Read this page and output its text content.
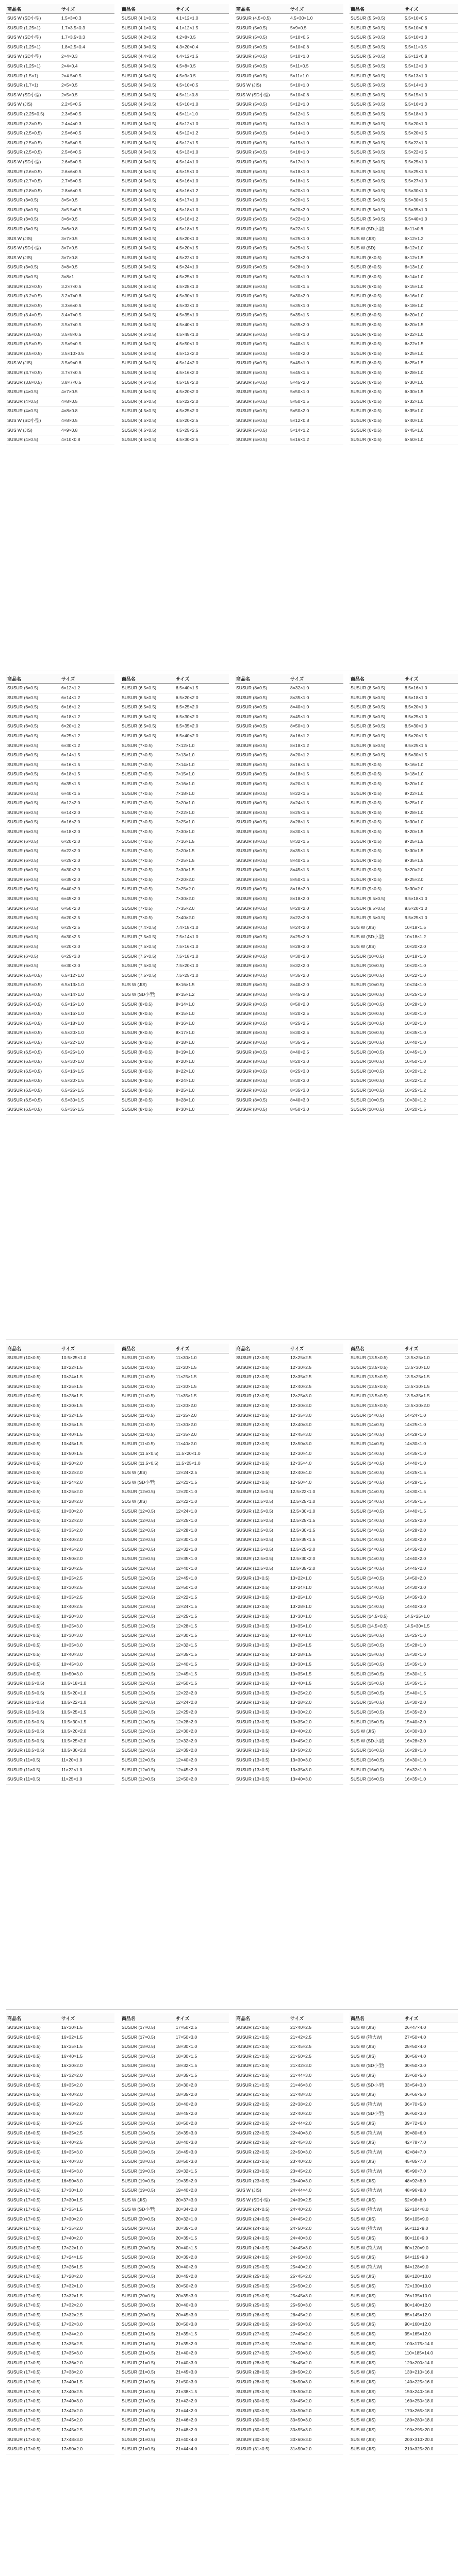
商品名	サイズ
SUS W (SD小型)	1.5×3×0.3
SUSUR (1.25×1)	1.7×3.5×0.3
SUS W (SD小型)	1.7×3.5×0.3
SUSUR (1.25×1)	1.8×2.5×0.4
SUS W (SD小型)	2×4×0.3
SUSUR (1.25×1)	2×4×0.4
SUSUR (1.5×1)	2×4.5×0.5
SUSUR (1.7×1)	2×5×0.5
SUS W (SD小型)	2×5×0.5
SUS W (JIS)	2.2×5×0.5
SUSUR (2.25×0.5)	2.3×5×0.5
SUSUR (2.3×0.5)	2.4×4×0.3
SUSUR (2.5×0.5)	2.5×6×0.5
SUSUR (2.5×0.5)	2.5×5×0.5
SUSUR (2.5×0.5)	2.5×6×0.5
SUS W (SD小型)	2.6×5×0.5
SUSUR (2.6×0.5)	2.6×6×0.5
SUSUR (2.7×0.5)	2.7×5×0.5
SUSUR (2.8×0.5)	2.8×6×0.5
SUSUR (3×0.5)	3×5×0.5
SUSUR (3×0.5)	3×5.5×0.5
SUSUR (3×0.5)	3×6×0.5
SUSUR (3×0.5)	3×6×0.8
SUS W (JIS)	3×7×0.5
SUS W (SD小型)	3×7×0.5
SUS W (JIS)	3×7×0.8
SUSUR (3×0.5)	3×8×0.5
SUSUR (3×0.5)	3×8×1
SUSUR (3.2×0.5)	3.2×7×0.5
SUSUR (3.2×0.5)	3.2×7×0.8
SUSUR (3.3×0.5)	3.3×6×0.5
SUSUR (3.4×0.5)	3.4×7×0.5
SUSUR (3.5×0.5)	3.5×7×0.5
SUSUR (3.5×0.5)	3.5×8×0.5
SUSUR (3.5×0.5)	3.5×9×0.5
SUSUR (3.5×0.5)	3.5×10×0.5
SUS W (JIS)	3.5×9×0.8
SUSUR (3.7×0.5)	3.7×7×0.5
SUSUR (3.8×0.5)	3.8×7×0.5
SUSUR (4×0.5)	4×7×0.5
SUSUR (4×0.5)	4×8×0.5
SUSUR (4×0.5)	4×8×0.8
SUS W (SD小型)	4×8×0.5
SUS W (JIS)	4×9×0.8
SUSUR (4×0.5)	4×10×0.8
商品名	サイズ
SUSUR (4.1×0.5)	4.1×12×1.0
SUSUR (4.1×0.5)	4.1×12×1.5
SUSUR (4.2×0.5)	4.2×8×0.5
SUSUR (4.3×0.5)	4.3×20×0.4
SUSUR (4.4×0.5)	4.4×12×1.5
SUSUR (4.5×0.5)	4.5×8×0.5
SUSUR (4.5×0.5)	4.5×9×0.5
SUSUR (4.5×0.5)	4.5×10×0.5
SUSUR (4.5×0.5)	4.5×11×0.8
SUSUR (4.5×0.5)	4.5×10×1.0
SUSUR (4.5×0.5)	4.5×11×1.0
SUSUR (4.5×0.5)	4.5×12×1.0
SUSUR (4.5×0.5)	4.5×12×1.2
SUSUR (4.5×0.5)	4.5×12×1.5
SUSUR (4.5×0.5)	4.5×13×1.0
SUSUR (4.5×0.5)	4.5×14×1.0
SUSUR (4.5×0.5)	4.5×15×1.0
SUSUR (4.5×0.5)	4.5×16×1.0
SUSUR (4.5×0.5)	4.5×16×1.2
SUSUR (4.5×0.5)	4.5×17×1.0
SUSUR (4.5×0.5)	4.5×18×1.0
SUSUR (4.5×0.5)	4.5×18×1.2
SUSUR (4.5×0.5)	4.5×18×1.5
SUSUR (4.5×0.5)	4.5×20×1.0
SUSUR (4.5×0.5)	4.5×20×1.5
SUSUR (4.5×0.5)	4.5×22×1.0
SUSUR (4.5×0.5)	4.5×24×1.0
SUSUR (4.5×0.5)	4.5×25×1.0
SUSUR (4.5×0.5)	4.5×28×1.0
SUSUR (4.5×0.5)	4.5×30×1.0
SUSUR (4.5×0.5)	4.5×32×1.0
SUSUR (4.5×0.5)	4.5×35×1.0
SUSUR (4.5×0.5)	4.5×40×1.0
SUSUR (4.5×0.5)	4.5×45×1.0
SUSUR (4.5×0.5)	4.5×50×1.0
SUSUR (4.5×0.5)	4.5×12×2.0
SUSUR (4.5×0.5)	4.5×14×2.0
SUSUR (4.5×0.5)	4.5×16×2.0
SUSUR (4.5×0.5)	4.5×18×2.0
SUSUR (4.5×0.5)	4.5×20×2.0
SUSUR (4.5×0.5)	4.5×22×2.0
SUSUR (4.5×0.5)	4.5×25×2.0
SUSUR (4.5×0.5)	4.5×20×2.5
SUSUR (4.5×0.5)	4.5×25×2.5
SUSUR (4.5×0.5)	4.5×30×2.5
商品名	サイズ
SUSUR (4.5×0.5)	4.5×30×1.0
SUSUR (5×0.5)	5×9×0.5
SUSUR (5×0.5)	5×10×0.5
SUSUR (5×0.5)	5×10×0.8
SUSUR (5×0.5)	5×10×1.0
SUSUR (5×0.5)	5×11×0.5
SUSUR (5×0.5)	5×11×1.0
SUS W (JIS)	5×10×1.0
SUS W (SD小型)	5×10×0.8
SUSUR (5×0.5)	5×12×1.0
SUSUR (5×0.5)	5×12×1.5
SUSUR (5×0.5)	5×13×1.0
SUSUR (5×0.5)	5×14×1.0
SUSUR (5×0.5)	5×15×1.0
SUSUR (5×0.5)	5×16×1.0
SUSUR (5×0.5)	5×17×1.0
SUSUR (5×0.5)	5×18×1.0
SUSUR (5×0.5)	5×18×1.5
SUSUR (5×0.5)	5×20×1.0
SUSUR (5×0.5)	5×20×1.5
SUSUR (5×0.5)	5×20×2.0
SUSUR (5×0.5)	5×22×1.0
SUSUR (5×0.5)	5×22×1.5
SUSUR (5×0.5)	5×25×1.0
SUSUR (5×0.5)	5×25×1.5
SUSUR (5×0.5)	5×25×2.0
SUSUR (5×0.5)	5×28×1.0
SUSUR (5×0.5)	5×30×1.0
SUSUR (5×0.5)	5×30×1.5
SUSUR (5×0.5)	5×30×2.0
SUSUR (5×0.5)	5×35×1.0
SUSUR (5×0.5)	5×35×1.5
SUSUR (5×0.5)	5×35×2.0
SUSUR (5×0.5)	5×40×1.0
SUSUR (5×0.5)	5×40×1.5
SUSUR (5×0.5)	5×40×2.0
SUSUR (5×0.5)	5×45×1.0
SUSUR (5×0.5)	5×45×1.5
SUSUR (5×0.5)	5×45×2.0
SUSUR (5×0.5)	5×50×1.0
SUSUR (5×0.5)	5×50×1.5
SUSUR (5×0.5)	5×50×2.0
SUSUR (5×0.5)	5×12×0.8
SUSUR (5×0.5)	5×14×1.2
SUSUR (5×0.5)	5×16×1.2
商品名	サイズ
SUSUR (5.5×0.5)	5.5×10×0.5
SUSUR (5.5×0.5)	5.5×10×0.8
SUSUR (5.5×0.5)	5.5×10×1.0
SUSUR (5.5×0.5)	5.5×11×0.5
SUSUR (5.5×0.5)	5.5×12×0.8
SUSUR (5.5×0.5)	5.5×12×1.0
SUSUR (5.5×0.5)	5.5×13×1.0
SUSUR (5.5×0.5)	5.5×14×1.0
SUSUR (5.5×0.5)	5.5×15×1.0
SUSUR (5.5×0.5)	5.5×16×1.0
SUSUR (5.5×0.5)	5.5×18×1.0
SUSUR (5.5×0.5)	5.5×20×1.0
SUSUR (5.5×0.5)	5.5×20×1.5
SUSUR (5.5×0.5)	5.5×22×1.0
SUSUR (5.5×0.5)	5.5×22×1.5
SUSUR (5.5×0.5)	5.5×25×1.0
SUSUR (5.5×0.5)	5.5×25×1.5
SUSUR (5.5×0.5)	5.5×27×1.0
SUSUR (5.5×0.5)	5.5×30×1.0
SUSUR (5.5×0.5)	5.5×30×1.5
SUSUR (5.5×0.5)	5.5×35×1.0
SUSUR (5.5×0.5)	5.5×40×1.0
SUS W (SD小型)	6×11×0.8
SUS W (JIS)	6×12×1.2
SUS W (SD)	6×12×1.0
SUSUR (6×0.5)	6×12×1.5
SUSUR (6×0.5)	6×13×1.0
SUSUR (6×0.5)	6×14×1.0
SUSUR (6×0.5)	6×15×1.0
SUSUR (6×0.5)	6×16×1.0
SUSUR (6×0.5)	6×18×1.0
SUSUR (6×0.5)	6×20×1.0
SUSUR (6×0.5)	6×20×1.5
SUSUR (6×0.5)	6×22×1.0
SUSUR (6×0.5)	6×22×1.5
SUSUR (6×0.5)	6×25×1.0
SUSUR (6×0.5)	6×25×1.5
SUSUR (6×0.5)	6×28×1.0
SUSUR (6×0.5)	6×30×1.0
SUSUR (6×0.5)	6×30×1.5
SUSUR (6×0.5)	6×32×1.0
SUSUR (6×0.5)	6×35×1.0
SUSUR (6×0.5)	6×40×1.0
SUSUR (6×0.5)	6×45×1.0
SUSUR (6×0.5)	6×50×1.0
商品名	サイズ
SUSUR (6×0.5)	6×12×1.2
SUSUR (6×0.5)	6×14×1.2
SUSUR (6×0.5)	6×16×1.2
SUSUR (6×0.5)	6×18×1.2
SUSUR (6×0.5)	6×20×1.2
SUSUR (6×0.5)	6×25×1.2
SUSUR (6×0.5)	6×30×1.2
SUSUR (6×0.5)	6×14×1.5
SUSUR (6×0.5)	6×16×1.5
SUSUR (6×0.5)	6×18×1.5
SUSUR (6×0.5)	6×35×1.5
SUSUR (6×0.5)	6×40×1.5
SUSUR (6×0.5)	6×12×2.0
SUSUR (6×0.5)	6×14×2.0
SUSUR (6×0.5)	6×16×2.0
SUSUR (6×0.5)	6×18×2.0
SUSUR (6×0.5)	6×20×2.0
SUSUR (6×0.5)	6×22×2.0
SUSUR (6×0.5)	6×25×2.0
SUSUR (6×0.5)	6×30×2.0
SUSUR (6×0.5)	6×35×2.0
SUSUR (6×0.5)	6×40×2.0
SUSUR (6×0.5)	6×45×2.0
SUSUR (6×0.5)	6×50×2.0
SUSUR (6×0.5)	6×20×2.5
SUSUR (6×0.5)	6×25×2.5
SUSUR (6×0.5)	6×30×2.5
SUSUR (6×0.5)	6×20×3.0
SUSUR (6×0.5)	6×25×3.0
SUSUR (6×0.5)	6×30×3.0
SUSUR (6.5×0.5)	6.5×12×1.0
SUSUR (6.5×0.5)	6.5×13×1.0
SUSUR (6.5×0.5)	6.5×14×1.0
SUSUR (6.5×0.5)	6.5×15×1.0
SUSUR (6.5×0.5)	6.5×16×1.0
SUSUR (6.5×0.5)	6.5×18×1.0
SUSUR (6.5×0.5)	6.5×20×1.0
SUSUR (6.5×0.5)	6.5×22×1.0
SUSUR (6.5×0.5)	6.5×25×1.0
SUSUR (6.5×0.5)	6.5×30×1.0
SUSUR (6.5×0.5)	6.5×16×1.5
SUSUR (6.5×0.5)	6.5×20×1.5
SUSUR (6.5×0.5)	6.5×25×1.5
SUSUR (6.5×0.5)	6.5×30×1.5
SUSUR (6.5×0.5)	6.5×35×1.5
商品名	サイズ
SUSUR (6.5×0.5)	6.5×40×1.5
SUSUR (6.5×0.5)	6.5×20×2.0
SUSUR (6.5×0.5)	6.5×25×2.0
SUSUR (6.5×0.5)	6.5×30×2.0
SUSUR (6.5×0.5)	6.5×35×2.0
SUSUR (6.5×0.5)	6.5×40×2.0
SUSUR (7×0.5)	7×12×1.0
SUSUR (7×0.5)	7×13×1.0
SUSUR (7×0.5)	7×14×1.0
SUSUR (7×0.5)	7×15×1.0
SUSUR (7×0.5)	7×16×1.0
SUSUR (7×0.5)	7×18×1.0
SUSUR (7×0.5)	7×20×1.0
SUSUR (7×0.5)	7×22×1.0
SUSUR (7×0.5)	7×25×1.0
SUSUR (7×0.5)	7×30×1.0
SUSUR (7×0.5)	7×16×1.5
SUSUR (7×0.5)	7×20×1.5
SUSUR (7×0.5)	7×25×1.5
SUSUR (7×0.5)	7×30×1.5
SUSUR (7×0.5)	7×20×2.0
SUSUR (7×0.5)	7×25×2.0
SUSUR (7×0.5)	7×30×2.0
SUSUR (7×0.5)	7×35×2.0
SUSUR (7×0.5)	7×40×2.0
SUSUR (7.4×0.5)	7.4×18×1.0
SUSUR (7.5×0.5)	7.5×14×1.0
SUSUR (7.5×0.5)	7.5×16×1.0
SUSUR (7.5×0.5)	7.5×18×1.0
SUSUR (7.5×0.5)	7.5×20×1.0
SUSUR (7.5×0.5)	7.5×25×1.0
SUS W (JIS)	8×16×1.5
SUS W (SD小型)	8×15×1.2
SUSUR (8×0.5)	8×14×1.0
SUSUR (8×0.5)	8×15×1.0
SUSUR (8×0.5)	8×16×1.0
SUSUR (8×0.5)	8×17×1.0
SUSUR (8×0.5)	8×18×1.0
SUSUR (8×0.5)	8×19×1.0
SUSUR (8×0.5)	8×20×1.0
SUSUR (8×0.5)	8×22×1.0
SUSUR (8×0.5)	8×24×1.0
SUSUR (8×0.5)	8×25×1.0
SUSUR (8×0.5)	8×28×1.0
SUSUR (8×0.5)	8×30×1.0
商品名	サイズ
SUSUR (8×0.5)	8×32×1.0
SUSUR (8×0.5)	8×35×1.0
SUSUR (8×0.5)	8×40×1.0
SUSUR (8×0.5)	8×45×1.0
SUSUR (8×0.5)	8×50×1.0
SUSUR (8×0.5)	8×16×1.2
SUSUR (8×0.5)	8×18×1.2
SUSUR (8×0.5)	8×20×1.2
SUSUR (8×0.5)	8×16×1.5
SUSUR (8×0.5)	8×18×1.5
SUSUR (8×0.5)	8×20×1.5
SUSUR (8×0.5)	8×22×1.5
SUSUR (8×0.5)	8×24×1.5
SUSUR (8×0.5)	8×25×1.5
SUSUR (8×0.5)	8×28×1.5
SUSUR (8×0.5)	8×30×1.5
SUSUR (8×0.5)	8×32×1.5
SUSUR (8×0.5)	8×35×1.5
SUSUR (8×0.5)	8×40×1.5
SUSUR (8×0.5)	8×45×1.5
SUSUR (8×0.5)	8×50×1.5
SUSUR (8×0.5)	8×16×2.0
SUSUR (8×0.5)	8×18×2.0
SUSUR (8×0.5)	8×20×2.0
SUSUR (8×0.5)	8×22×2.0
SUSUR (8×0.5)	8×24×2.0
SUSUR (8×0.5)	8×25×2.0
SUSUR (8×0.5)	8×28×2.0
SUSUR (8×0.5)	8×30×2.0
SUSUR (8×0.5)	8×32×2.0
SUSUR (8×0.5)	8×35×2.0
SUSUR (8×0.5)	8×40×2.0
SUSUR (8×0.5)	8×45×2.0
SUSUR (8×0.5)	8×50×2.0
SUSUR (8×0.5)	8×20×2.5
SUSUR (8×0.5)	8×25×2.5
SUSUR (8×0.5)	8×30×2.5
SUSUR (8×0.5)	8×35×2.5
SUSUR (8×0.5)	8×40×2.5
SUSUR (8×0.5)	8×20×3.0
SUSUR (8×0.5)	8×25×3.0
SUSUR (8×0.5)	8×30×3.0
SUSUR (8×0.5)	8×35×3.0
SUSUR (8×0.5)	8×40×3.0
SUSUR (8×0.5)	8×50×3.0
商品名	サイズ
SUSUR (8.5×0.5)	8.5×16×1.0
SUSUR (8.5×0.5)	8.5×18×1.0
SUSUR (8.5×0.5)	8.5×20×1.0
SUSUR (8.5×0.5)	8.5×25×1.0
SUSUR (8.5×0.5)	8.5×30×1.0
SUSUR (8.5×0.5)	8.5×20×1.5
SUSUR (8.5×0.5)	8.5×25×1.5
SUSUR (8.5×0.5)	8.5×30×1.5
SUSUR (9×0.5)	9×16×1.0
SUSUR (9×0.5)	9×18×1.0
SUSUR (9×0.5)	9×20×1.0
SUSUR (9×0.5)	9×22×1.0
SUSUR (9×0.5)	9×25×1.0
SUSUR (9×0.5)	9×28×1.0
SUSUR (9×0.5)	9×30×1.0
SUSUR (9×0.5)	9×20×1.5
SUSUR (9×0.5)	9×25×1.5
SUSUR (9×0.5)	9×30×1.5
SUSUR (9×0.5)	9×35×1.5
SUSUR (9×0.5)	9×20×2.0
SUSUR (9×0.5)	9×25×2.0
SUSUR (9×0.5)	9×30×2.0
SUSUR (9.5×0.5)	9.5×18×1.0
SUSUR (9.5×0.5)	9.5×20×1.0
SUSUR (9.5×0.5)	9.5×25×1.0
SUS W (JIS)	10×18×1.5
SUS W (SD小型)	10×18×1.2
SUS W (JIS)	10×20×2.0
SUSUR (10×0.5)	10×18×1.0
SUSUR (10×0.5)	10×20×1.0
SUSUR (10×0.5)	10×22×1.0
SUSUR (10×0.5)	10×24×1.0
SUSUR (10×0.5)	10×25×1.0
SUSUR (10×0.5)	10×28×1.0
SUSUR (10×0.5)	10×30×1.0
SUSUR (10×0.5)	10×32×1.0
SUSUR (10×0.5)	10×35×1.0
SUSUR (10×0.5)	10×40×1.0
SUSUR (10×0.5)	10×45×1.0
SUSUR (10×0.5)	10×50×1.0
SUSUR (10×0.5)	10×20×1.2
SUSUR (10×0.5)	10×22×1.2
SUSUR (10×0.5)	10×25×1.2
SUSUR (10×0.5)	10×30×1.2
SUSUR (10×0.5)	10×20×1.5
商品名	サイズ
SUSUR (10×0.5)	10.5×25×1.0
SUSUR (10×0.5)	10×22×1.5
SUSUR (10×0.5)	10×24×1.5
SUSUR (10×0.5)	10×25×1.5
SUSUR (10×0.5)	10×28×1.5
SUSUR (10×0.5)	10×30×1.5
SUSUR (10×0.5)	10×32×1.5
SUSUR (10×0.5)	10×35×1.5
SUSUR (10×0.5)	10×40×1.5
SUSUR (10×0.5)	10×45×1.5
SUSUR (10×0.5)	10×50×1.5
SUSUR (10×0.5)	10×20×2.0
SUSUR (10×0.5)	10×22×2.0
SUSUR (10×0.5)	10×24×2.0
SUSUR (10×0.5)	10×25×2.0
SUSUR (10×0.5)	10×28×2.0
SUSUR (10×0.5)	10×30×2.0
SUSUR (10×0.5)	10×32×2.0
SUSUR (10×0.5)	10×35×2.0
SUSUR (10×0.5)	10×40×2.0
SUSUR (10×0.5)	10×45×2.0
SUSUR (10×0.5)	10×50×2.0
SUSUR (10×0.5)	10×20×2.5
SUSUR (10×0.5)	10×25×2.5
SUSUR (10×0.5)	10×30×2.5
SUSUR (10×0.5)	10×35×2.5
SUSUR (10×0.5)	10×40×2.5
SUSUR (10×0.5)	10×20×3.0
SUSUR (10×0.5)	10×25×3.0
SUSUR (10×0.5)	10×30×3.0
SUSUR (10×0.5)	10×35×3.0
SUSUR (10×0.5)	10×40×3.0
SUSUR (10×0.5)	10×45×3.0
SUSUR (10×0.5)	10×50×3.0
SUSUR (10.5×0.5)	10.5×18×1.0
SUSUR (10.5×0.5)	10.5×20×1.0
SUSUR (10.5×0.5)	10.5×22×1.0
SUSUR (10.5×0.5)	10.5×25×1.5
SUSUR (10.5×0.5)	10.5×30×1.5
SUSUR (10.5×0.5)	10.5×20×2.0
SUSUR (10.5×0.5)	10.5×25×2.0
SUSUR (10.5×0.5)	10.5×30×2.0
SUSUR (11×0.5)	11×20×1.0
SUSUR (11×0.5)	11×22×1.0
SUSUR (11×0.5)	11×25×1.0
商品名	サイズ
SUSUR (11×0.5)	11×30×1.0
SUSUR (11×0.5)	11×20×1.5
SUSUR (11×0.5)	11×25×1.5
SUSUR (11×0.5)	11×30×1.5
SUSUR (11×0.5)	11×35×1.5
SUSUR (11×0.5)	11×20×2.0
SUSUR (11×0.5)	11×25×2.0
SUSUR (11×0.5)	11×30×2.0
SUSUR (11×0.5)	11×35×2.0
SUSUR (11×0.5)	11×40×2.0
SUSUR (11.5×0.5)	11.5×20×1.0
SUSUR (11.5×0.5)	11.5×25×1.0
SUS W (JIS)	12×24×2.5
SUS W (SD小型)	12×21×1.5
SUSUR (12×0.5)	12×20×1.0
SUS W (JIS)	12×22×1.0
SUSUR (12×0.5)	12×24×1.0
SUSUR (12×0.5)	12×25×1.0
SUSUR (12×0.5)	12×28×1.0
SUSUR (12×0.5)	12×30×1.0
SUSUR (12×0.5)	12×32×1.0
SUSUR (12×0.5)	12×35×1.0
SUSUR (12×0.5)	12×40×1.0
SUSUR (12×0.5)	12×45×1.0
SUSUR (12×0.5)	12×50×1.0
SUSUR (12×0.5)	12×22×1.5
SUSUR (12×0.5)	12×24×1.5
SUSUR (12×0.5)	12×25×1.5
SUSUR (12×0.5)	12×28×1.5
SUSUR (12×0.5)	12×30×1.5
SUSUR (12×0.5)	12×32×1.5
SUSUR (12×0.5)	12×35×1.5
SUSUR (12×0.5)	12×40×1.5
SUSUR (12×0.5)	12×45×1.5
SUSUR (12×0.5)	12×50×1.5
SUSUR (12×0.5)	12×22×2.0
SUSUR (12×0.5)	12×24×2.0
SUSUR (12×0.5)	12×25×2.0
SUSUR (12×0.5)	12×28×2.0
SUSUR (12×0.5)	12×30×2.0
SUSUR (12×0.5)	12×32×2.0
SUSUR (12×0.5)	12×35×2.0
SUSUR (12×0.5)	12×40×2.0
SUSUR (12×0.5)	12×45×2.0
SUSUR (12×0.5)	12×50×2.0
商品名	サイズ
SUSUR (12×0.5)	12×25×2.5
SUSUR (12×0.5)	12×30×2.5
SUSUR (12×0.5)	12×35×2.5
SUSUR (12×0.5)	12×40×2.5
SUSUR (12×0.5)	12×25×3.0
SUSUR (12×0.5)	12×30×3.0
SUSUR (12×0.5)	12×35×3.0
SUSUR (12×0.5)	12×40×3.0
SUSUR (12×0.5)	12×45×3.0
SUSUR (12×0.5)	12×50×3.0
SUSUR (12×0.5)	12×30×4.0
SUSUR (12×0.5)	12×35×4.0
SUSUR (12×0.5)	12×40×4.0
SUSUR (12×0.5)	12×50×4.0
SUSUR (12.5×0.5)	12.5×22×1.0
SUSUR (12.5×0.5)	12.5×25×1.0
SUSUR (12.5×0.5)	12.5×30×1.0
SUSUR (12.5×0.5)	12.5×25×1.5
SUSUR (12.5×0.5)	12.5×30×1.5
SUSUR (12.5×0.5)	12.5×35×1.5
SUSUR (12.5×0.5)	12.5×25×2.0
SUSUR (12.5×0.5)	12.5×30×2.0
SUSUR (12.5×0.5)	12.5×35×2.0
SUSUR (13×0.5)	13×22×1.0
SUSUR (13×0.5)	13×24×1.0
SUSUR (13×0.5)	13×25×1.0
SUSUR (13×0.5)	13×28×1.0
SUSUR (13×0.5)	13×30×1.0
SUSUR (13×0.5)	13×35×1.0
SUSUR (13×0.5)	13×40×1.0
SUSUR (13×0.5)	13×25×1.5
SUSUR (13×0.5)	13×28×1.5
SUSUR (13×0.5)	13×30×1.5
SUSUR (13×0.5)	13×35×1.5
SUSUR (13×0.5)	13×40×1.5
SUSUR (13×0.5)	13×25×2.0
SUSUR (13×0.5)	13×28×2.0
SUSUR (13×0.5)	13×30×2.0
SUSUR (13×0.5)	13×35×2.0
SUSUR (13×0.5)	13×40×2.0
SUSUR (13×0.5)	13×45×2.0
SUSUR (13×0.5)	13×50×2.0
SUSUR (13×0.5)	13×30×3.0
SUSUR (13×0.5)	13×35×3.0
SUSUR (13×0.5)	13×40×3.0
商品名	サイズ
SUSUR (13.5×0.5)	13.5×25×1.0
SUSUR (13.5×0.5)	13.5×30×1.0
SUSUR (13.5×0.5)	13.5×25×1.5
SUSUR (13.5×0.5)	13.5×30×1.5
SUSUR (13.5×0.5)	13.5×35×1.5
SUSUR (13.5×0.5)	13.5×30×2.0
SUSUR (14×0.5)	14×24×1.0
SUSUR (14×0.5)	14×25×1.0
SUSUR (14×0.5)	14×28×1.0
SUSUR (14×0.5)	14×30×1.0
SUSUR (14×0.5)	14×35×1.0
SUSUR (14×0.5)	14×40×1.0
SUSUR (14×0.5)	14×25×1.5
SUSUR (14×0.5)	14×28×1.5
SUSUR (14×0.5)	14×30×1.5
SUSUR (14×0.5)	14×35×1.5
SUSUR (14×0.5)	14×40×1.5
SUSUR (14×0.5)	14×25×2.0
SUSUR (14×0.5)	14×28×2.0
SUSUR (14×0.5)	14×30×2.0
SUSUR (14×0.5)	14×35×2.0
SUSUR (14×0.5)	14×40×2.0
SUSUR (14×0.5)	14×45×2.0
SUSUR (14×0.5)	14×50×2.0
SUSUR (14×0.5)	14×30×3.0
SUSUR (14×0.5)	14×35×3.0
SUSUR (14×0.5)	14×40×3.0
SUSUR (14.5×0.5)	14.5×25×1.0
SUSUR (14.5×0.5)	14.5×30×1.5
SUSUR (15×0.5)	15×25×1.0
SUSUR (15×0.5)	15×28×1.0
SUSUR (15×0.5)	15×30×1.0
SUSUR (15×0.5)	15×35×1.0
SUSUR (15×0.5)	15×30×1.5
SUSUR (15×0.5)	15×35×1.5
SUSUR (15×0.5)	15×40×1.5
SUSUR (15×0.5)	15×30×2.0
SUSUR (15×0.5)	15×35×2.0
SUSUR (15×0.5)	15×40×2.0
SUS W (JIS)	16×30×3.0
SUS W (SD小型)	16×28×2.0
SUSUR (16×0.5)	16×28×1.0
SUSUR (16×0.5)	16×30×1.0
SUSUR (16×0.5)	16×32×1.0
SUSUR (16×0.5)	16×35×1.0
商品名	サイズ
SUSUR (16×0.5)	16×30×1.5
SUSUR (16×0.5)	16×32×1.5
SUSUR (16×0.5)	16×35×1.5
SUSUR (16×0.5)	16×40×1.5
SUSUR (16×0.5)	16×30×2.0
SUSUR (16×0.5)	16×32×2.0
SUSUR (16×0.5)	16×35×2.0
SUSUR (16×0.5)	16×40×2.0
SUSUR (16×0.5)	16×45×2.0
SUSUR (16×0.5)	16×50×2.0
SUSUR (16×0.5)	16×30×2.5
SUSUR (16×0.5)	16×35×2.5
SUSUR (16×0.5)	16×40×2.5
SUSUR (16×0.5)	16×35×3.0
SUSUR (16×0.5)	16×40×3.0
SUSUR (16×0.5)	16×45×3.0
SUSUR (16×0.5)	16×50×3.0
SUSUR (17×0.5)	17×30×1.0
SUSUR (17×0.5)	17×30×1.5
SUSUR (17×0.5)	17×35×1.5
SUSUR (17×0.5)	17×30×2.0
SUSUR (17×0.5)	17×35×2.0
SUSUR (17×0.5)	17×40×2.0
SUSUR (17×0.5)	17×22×1.0
SUSUR (17×0.5)	17×24×1.5
SUSUR (17×0.5)	17×26×1.5
SUSUR (17×0.5)	17×28×2.0
SUSUR (17×0.5)	17×32×1.0
SUSUR (17×0.5)	17×32×1.5
SUSUR (17×0.5)	17×32×2.0
SUSUR (17×0.5)	17×32×2.5
SUSUR (17×0.5)	17×32×3.0
SUSUR (17×0.5)	17×34×2.0
SUSUR (17×0.5)	17×35×2.5
SUSUR (17×0.5)	17×35×3.0
SUSUR (17×0.5)	17×36×2.0
SUSUR (17×0.5)	17×38×2.0
SUSUR (17×0.5)	17×40×1.5
SUSUR (17×0.5)	17×40×2.5
SUSUR (17×0.5)	17×40×3.0
SUSUR (17×0.5)	17×42×2.0
SUSUR (17×0.5)	17×45×2.0
SUSUR (17×0.5)	17×45×2.5
SUSUR (17×0.5)	17×48×3.0
SUSUR (17×0.5)	17×50×2.0
商品名	サイズ
SUSUR (17×0.5)	17×50×2.5
SUSUR (17×0.5)	17×50×3.0
SUSUR (18×0.5)	18×30×1.0
SUSUR (18×0.5)	18×30×1.5
SUSUR (18×0.5)	18×32×1.5
SUSUR (18×0.5)	18×35×1.5
SUSUR (18×0.5)	18×30×2.0
SUSUR (18×0.5)	18×35×2.0
SUSUR (18×0.5)	18×40×2.0
SUSUR (18×0.5)	18×45×2.0
SUSUR (18×0.5)	18×50×2.0
SUSUR (18×0.5)	18×35×3.0
SUSUR (18×0.5)	18×40×3.0
SUSUR (18×0.5)	18×45×3.0
SUSUR (18×0.5)	18×50×3.0
SUSUR (19×0.5)	19×32×1.5
SUSUR (19×0.5)	19×35×2.0
SUSUR (19×0.5)	19×40×2.0
SUS W (JIS)	20×37×3.0
SUS W (SD小型)	20×34×2.0
SUSUR (20×0.5)	20×32×1.0
SUSUR (20×0.5)	20×35×1.0
SUSUR (20×0.5)	20×35×1.5
SUSUR (20×0.5)	20×40×1.5
SUSUR (20×0.5)	20×35×2.0
SUSUR (20×0.5)	20×40×2.0
SUSUR (20×0.5)	20×45×2.0
SUSUR (20×0.5)	20×50×2.0
SUSUR (20×0.5)	20×35×3.0
SUSUR (20×0.5)	20×40×3.0
SUSUR (20×0.5)	20×45×3.0
SUSUR (20×0.5)	20×50×3.0
SUSUR (21×0.5)	21×35×1.5
SUSUR (21×0.5)	21×35×2.0
SUSUR (21×0.5)	21×40×2.0
SUSUR (21×0.5)	21×40×3.0
SUSUR (21×0.5)	21×45×3.0
SUSUR (21×0.5)	21×50×3.0
SUSUR (21×0.5)	21×38×1.5
SUSUR (21×0.5)	21×42×2.0
SUSUR (21×0.5)	21×44×2.0
SUSUR (21×0.5)	21×46×2.0
SUSUR (21×0.5)	21×48×2.0
SUSUR (21×0.5)	21×40×4.0
SUSUR (21×0.5)	21×44×4.0
商品名	サイズ
SUSUR (21×0.5)	21×40×2.5
SUSUR (21×0.5)	21×42×2.5
SUSUR (21×0.5)	21×45×2.5
SUSUR (21×0.5)	21×50×2.5
SUSUR (21×0.5)	21×42×3.0
SUSUR (21×0.5)	21×44×3.0
SUSUR (21×0.5)	21×46×3.0
SUSUR (21×0.5)	21×48×3.0
SUSUR (22×0.5)	22×38×2.0
SUSUR (22×0.5)	22×40×2.0
SUSUR (22×0.5)	22×44×2.0
SUSUR (22×0.5)	22×40×3.0
SUSUR (22×0.5)	22×45×3.0
SUSUR (22×0.5)	22×50×3.0
SUSUR (23×0.5)	23×40×2.0
SUSUR (23×0.5)	23×45×2.0
SUSUR (23×0.5)	23×40×3.0
SUS W (JIS)	24×44×4.0
SUS W (SD小型)	24×39×2.5
SUSUR (24×0.5)	24×40×2.0
SUSUR (24×0.5)	24×45×2.0
SUSUR (24×0.5)	24×50×2.0
SUSUR (24×0.5)	24×40×3.0
SUSUR (24×0.5)	24×45×3.0
SUSUR (24×0.5)	24×50×3.0
SUSUR (25×0.5)	25×40×2.0
SUSUR (25×0.5)	25×45×2.0
SUSUR (25×0.5)	25×50×2.0
SUSUR (25×0.5)	25×45×3.0
SUSUR (25×0.5)	25×50×3.0
SUSUR (26×0.5)	26×45×2.0
SUSUR (26×0.5)	26×50×3.0
SUSUR (27×0.5)	27×45×2.0
SUSUR (27×0.5)	27×50×2.0
SUSUR (27×0.5)	27×50×3.0
SUSUR (28×0.5)	28×45×2.0
SUSUR (28×0.5)	28×50×2.0
SUSUR (28×0.5)	28×50×3.0
SUSUR (29×0.5)	29×50×2.0
SUSUR (30×0.5)	30×45×2.0
SUSUR (30×0.5)	30×50×2.0
SUSUR (30×0.5)	30×50×3.0
SUSUR (30×0.5)	30×55×3.0
SUSUR (30×0.5)	30×60×3.0
SUSUR (31×0.5)	31×50×2.0
商品名	サイズ
SUS W (JIS)	26×47×4.0
SUS W (特大W)	27×50×4.0
SUS W (JIS)	28×50×4.0
SUS W (JIS)	30×56×4.0
SUS W (SD小型)	30×50×3.0
SUS W (JIS)	33×60×5.0
SUS W (SD小型)	33×54×3.0
SUS W (JIS)	36×66×5.0
SUS W (特大W)	36×70×5.0
SUS W (SD小型)	36×60×3.0
SUS W (JIS)	39×72×6.0
SUS W (特大W)	39×80×6.0
SUS W (JIS)	42×78×7.0
SUS W (特大W)	42×84×7.0
SUS W (JIS)	45×85×7.0
SUS W (特大W)	45×90×7.0
SUS W (JIS)	48×92×8.0
SUS W (特大W)	48×96×8.0
SUS W (JIS)	52×98×8.0
SUS W (特大W)	52×104×8.0
SUS W (JIS)	56×105×9.0
SUS W (特大W)	56×112×9.0
SUS W (JIS)	60×110×9.0
SUS W (特大W)	60×120×9.0
SUS W (JIS)	64×115×9.0
SUS W (特大W)	64×128×9.0
SUS W (JIS)	68×120×10.0
SUS W (JIS)	72×130×10.0
SUS W (JIS)	76×135×10.0
SUS W (JIS)	80×140×12.0
SUS W (JIS)	85×145×12.0
SUS W (JIS)	90×160×12.0
SUS W (JIS)	95×165×12.0
SUS W (JIS)	100×175×14.0
SUS W (JIS)	110×185×14.0
SUS W (JIS)	120×200×14.0
SUS W (JIS)	130×210×16.0
SUS W (JIS)	140×225×16.0
SUS W (JIS)	150×240×16.0
SUS W (JIS)	160×250×18.0
SUS W (JIS)	170×265×18.0
SUS W (JIS)	180×280×18.0
SUS W (JIS)	190×295×20.0
SUS W (JIS)	200×310×20.0
SUS W (JIS)	210×325×20.0
